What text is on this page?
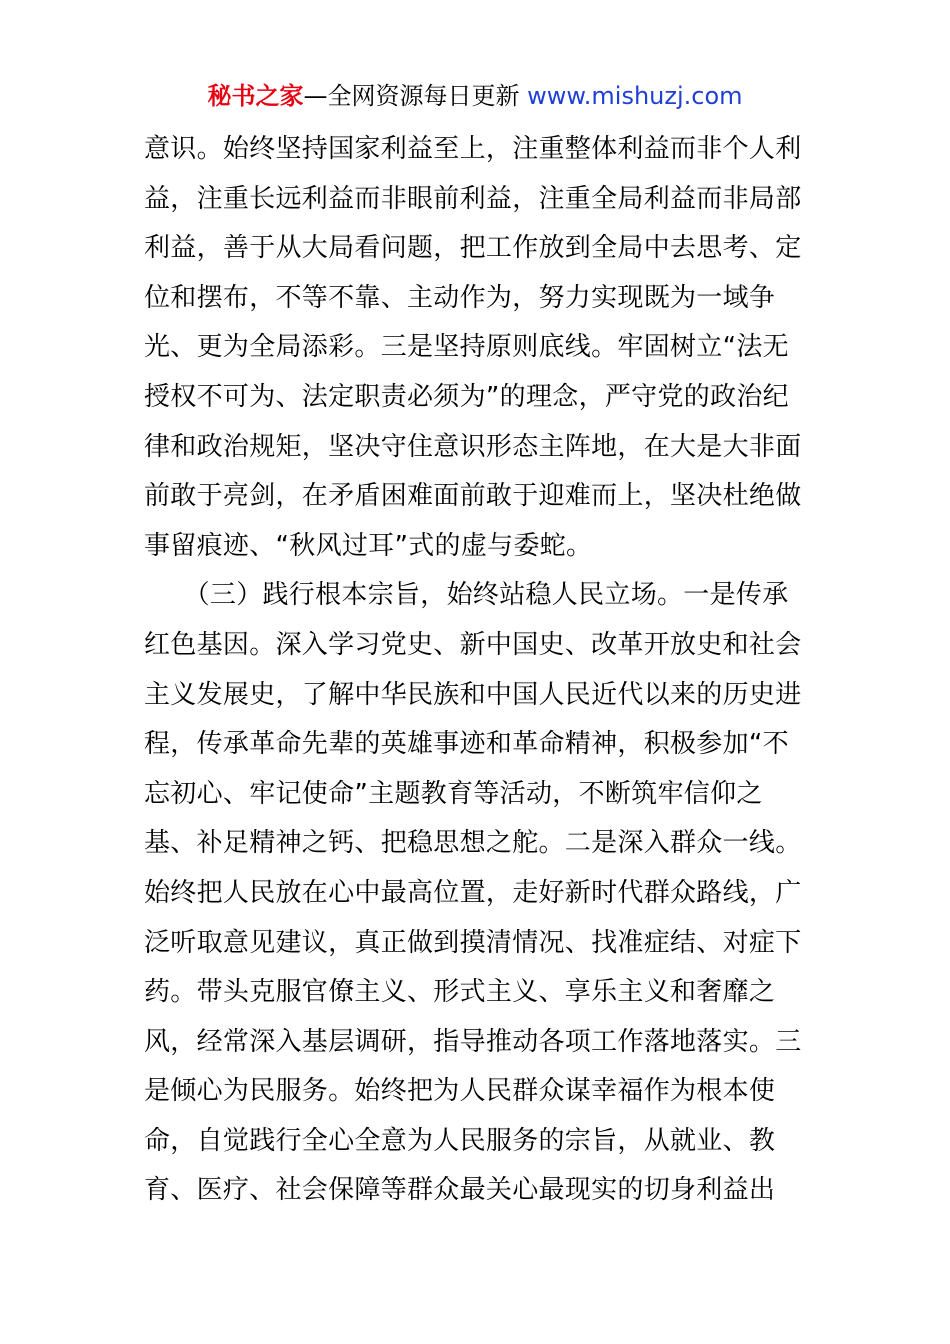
秘书之家—全网资源每日更新 www.mishuzj.com
意识。始终坚持国家利益至上，注重整体利益而非个人利
益，注重长远利益而非眼前利益，注重全局利益而非局部
利益，善于从大局看问题，把工作放到全局中去思考、定
位和摆布，不等不靠、主动作为，努力实现既为一域争
光、更为全局添彩。三是坚持原则底线。牢固树立“法无
授权不可为、法定职责必须为”的理念，严守党的政治纪
律和政治规矩，坚决守住意识形态主阵地，在大是大非面
前敢于亮剑，在矛盾困难面前敢于迎难而上，坚决杜绝做
事留痕迹、“秋风过耳”式的虚与委蛇。
　　（三）践行根本宗旨，始终站稳人民立场。一是传承
红色基因。深入学习党史、新中国史、改革开放史和社会
主义发展史，了解中华民族和中国人民近代以来的历史进
程，传承革命先辈的英雄事迹和革命精神，积极参加“不
忘初心、牢记使命”主题教育等活动，不断筑牢信仰之
基、补足精神之钙、把稳思想之舵。二是深入群众一线。
始终把人民放在心中最高位置，走好新时代群众路线，广
泛听取意见建议，真正做到摸清情况、找准症结、对症下
药。带头克服官僚主义、形式主义、享乐主义和奢靡之
风，经常深入基层调研，指导推动各项工作落地落实。三
是倾心为民服务。始终把为人民群众谋幸福作为根本使
命，自觉践行全心全意为人民服务的宗旨，从就业、教
育、医疗、社会保障等群众最关心最现实的切身利益出
